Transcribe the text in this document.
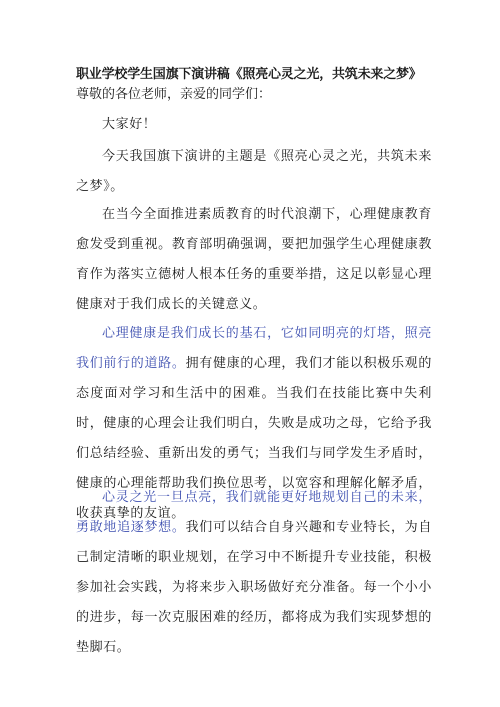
职业学校学生国旗下演讲稿《照亮心灵之光，共筑未来之梦》
尊敬的各位老师，亲爱的同学们：

大家好！

今天我国旗下演讲的主题是《照亮心灵之光，共筑未来之梦》。

在当今全面推进素质教育的时代浪潮下，心理健康教育愈发受到重视。教育部明确强调，要把加强学生心理健康教育作为落实立德树人根本任务的重要举措，这足以彰显心理健康对于我们成长的关键意义。

心理健康是我们成长的基石，它如同明亮的灯塔，照亮我们前行的道路。拥有健康的心理，我们才能以积极乐观的态度面对学习和生活中的困难。当我们在技能比赛中失利时，健康的心理会让我们明白，失败是成功之母，它给予我们总结经验、重新出发的勇气；当我们与同学发生矛盾时，健康的心理能帮助我们换位思考，以宽容和理解化解矛盾，收获真挚的友谊。

心灵之光一旦点亮，我们就能更好地规划自己的未来，勇敢地追逐梦想。我们可以结合自身兴趣和专业特长，为自己制定清晰的职业规划，在学习中不断提升专业技能，积极参加社会实践，为将来步入职场做好充分准备。每一个小小的进步，每一次克服困难的经历，都将成为我们实现梦想的垫脚石。
